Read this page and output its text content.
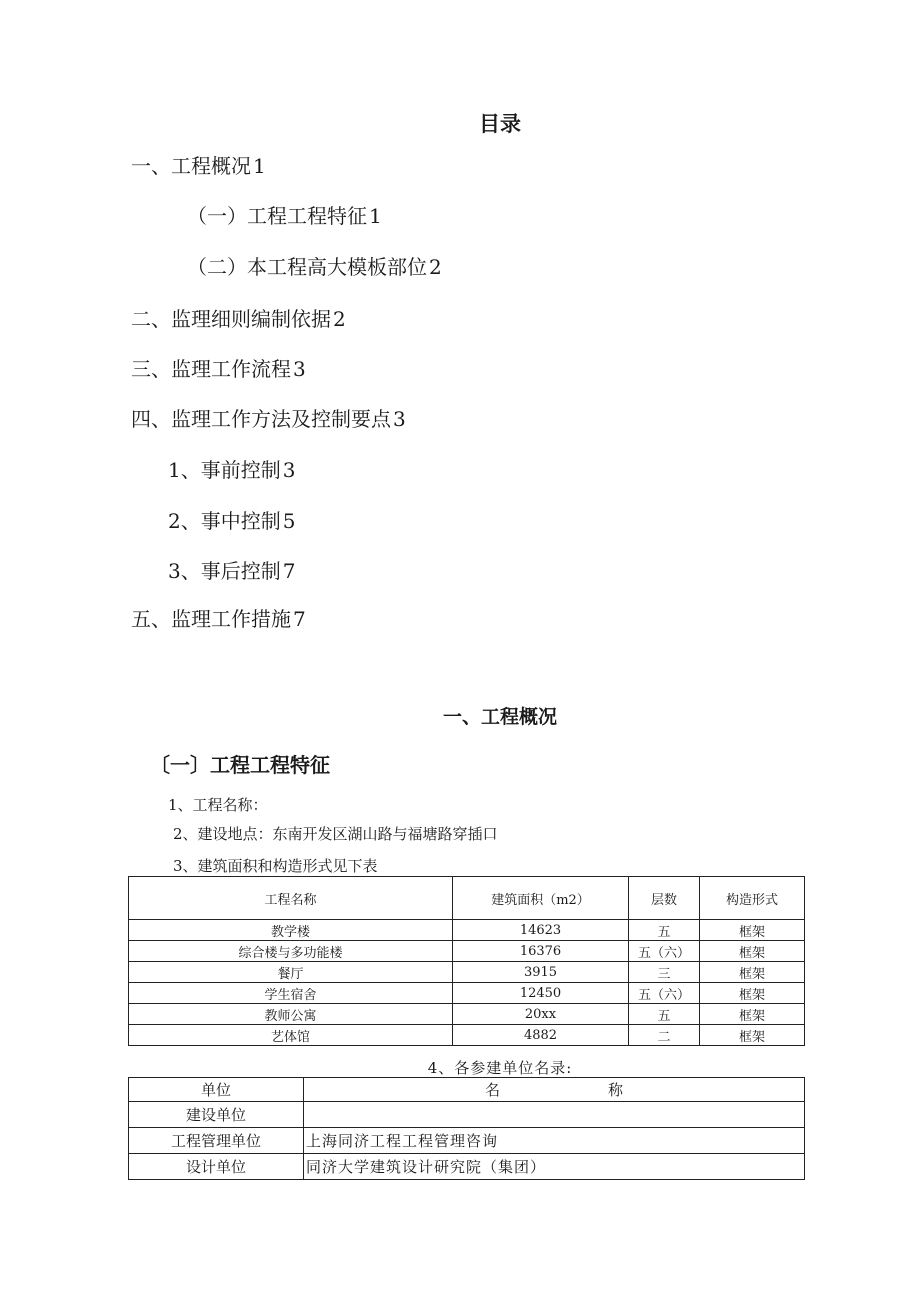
目录
一、工程概况 1
（一）工程工程特征 1
（二）本工程高大模板部位 2
二、监理细则编制依据 2
三、监理工作流程 3
四、监理工作方法及控制要点 3
1、事前控制 3
2、事中控制 5
3、事后控制 7
五、监理工作措施 7
一、工程概况
〔一〕工程工程特征
1、工程名称：
2、建设地点：东南开发区湖山路与福塘路穿插口
3、建筑面积和构造形式见下表
工程名称	建筑面积（m2）	层数	构造形式
教学楼	14623	五	框架
综合楼与多功能楼	16376	五（六）	框架
餐厅	3915	三	框架
学生宿舍	12450	五（六）	框架
教师公寓	20xx	五	框架
艺体馆	4882	二	框架
4、各参建单位名录:
单位	名 称
建设单位	
工程管理单位	上海同济工程工程管理咨询
设计单位	同济大学建筑设计研究院（集团）
